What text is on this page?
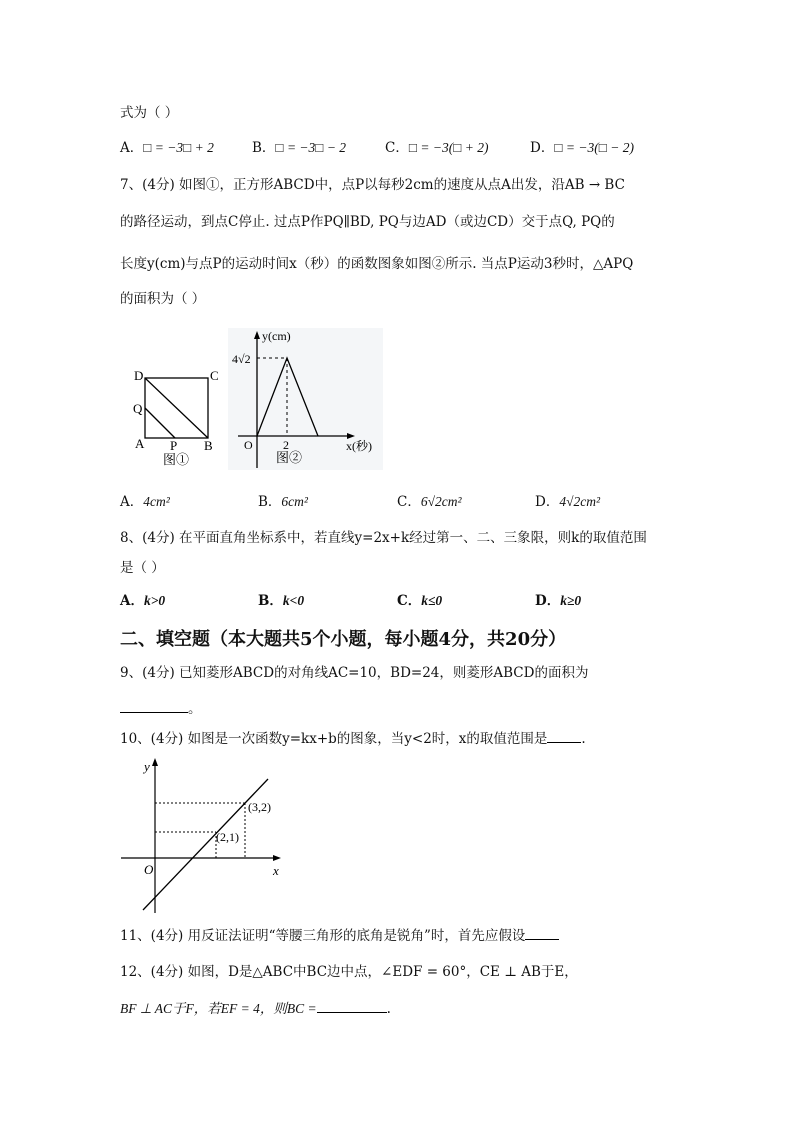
式为（ ）
A．□ = −3□ + 2	B．□ = −3□ − 2	C．□ = −3(□ + 2)	D．□ = −3(□ − 2)
7、(4分) 如图①，正方形ABCD中，点P以每秒2cm的速度从点A出发，沿AB → BC
的路径运动，到点C停止. 过点P作PQ∥BD, PQ与边AD（或边CD）交于点Q, PQ的
长度y(cm)与点P的运动时间x（秒）的函数图象如图②所示. 当点P运动3秒时，△APQ
的面积为（ ）
D	C
Q
A P B
图①
y(cm)
4√2
O	2	x(秒)
图②
A．4cm²	B．6cm²	C．6√2cm²	D．4√2cm²
8、(4分) 在平面直角坐标系中，若直线y=2x+k经过第一、二、三象限，则k的取值范围
是（ ）
A．k>0	B．k<0	C．k≤0	D．k≥0
二、填空题（本大题共5个小题，每小题4分，共20分）
9、(4分) 已知菱形ABCD的对角线AC=10，BD=24，则菱形ABCD的面积为
。
10、(4分) 如图是一次函数y=kx+b的图象，当y<2时，x的取值范围是	.
y
x
O
(3,2)
(2,1)
11、(4分) 用反证法证明“等腰三角形的底角是锐角”时，首先应假设
12、(4分) 如图，D是△ABC中BC边中点，∠EDF = 60°，CE ⊥ AB于E，
BF ⊥ AC于F，若EF = 4，则BC =	.
